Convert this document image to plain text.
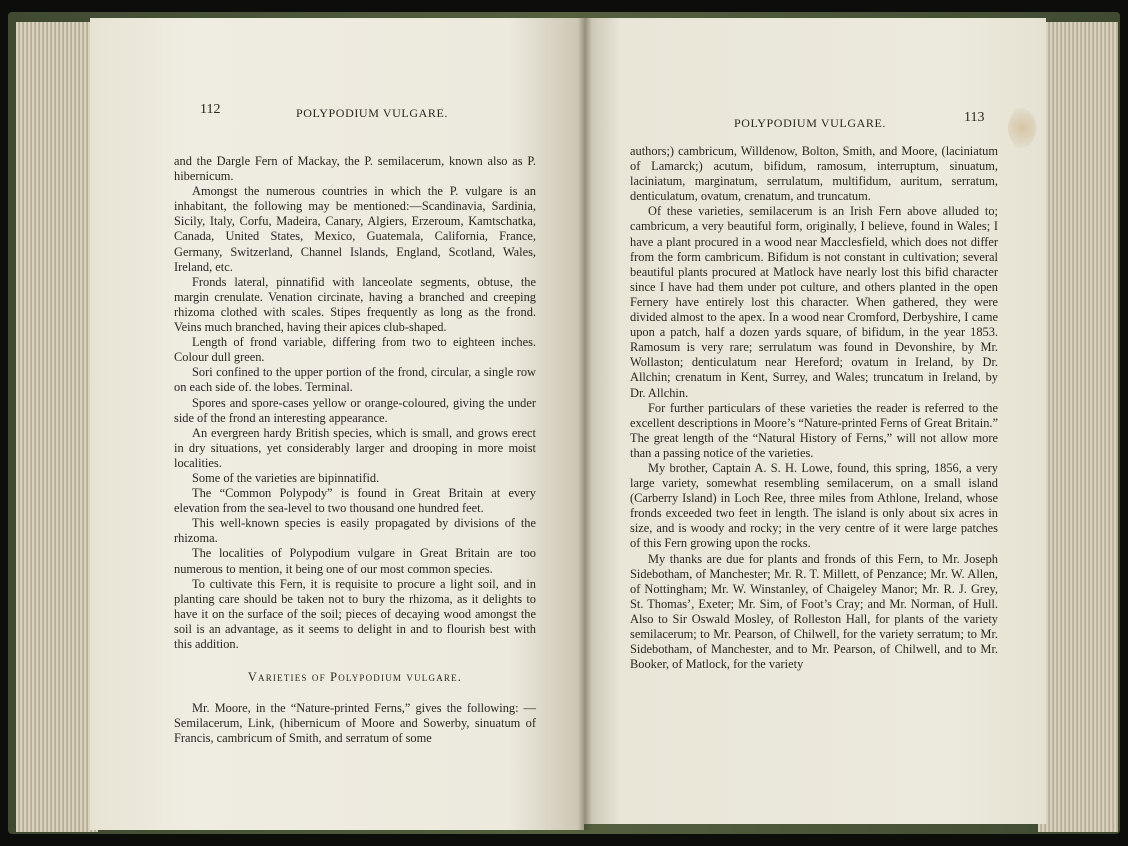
112	POLYPODIUM VULGARE.

and the Dargle Fern of Mackay, the P. semilacerum, known also as P. hibernicum.

Amongst the numerous countries in which the P. vulgare is an inhabitant, the following may be mentioned:—Scandinavia, Sardinia, Sicily, Italy, Corfu, Madeira, Canary, Algiers, Erzeroum, Kamtschatka, Canada, United States, Mexico, Guatemala, California, France, Germany, Switzerland, Channel Islands, England, Scotland, Wales, Ireland, etc.

Fronds lateral, pinnatifid with lanceolate segments, obtuse, the margin crenulate. Venation circinate, having a branched and creeping rhizoma clothed with scales. Stipes frequently as long as the frond. Veins much branched, having their apices club-shaped.

Length of frond variable, differing from two to eighteen inches. Colour dull green.

Sori confined to the upper portion of the frond, circular, a single row on each side of. the lobes. Terminal.

Spores and spore-cases yellow or orange-coloured, giving the under side of the frond an interesting appearance.

An evergreen hardy British species, which is small, and grows erect in dry situations, yet considerably larger and drooping in more moist localities.

Some of the varieties are bipinnatifid.

The “Common Polypody” is found in Great Britain at every elevation from the sea-level to two thousand one hundred feet.

This well-known species is easily propagated by divisions of the rhizoma.

The localities of Polypodium vulgare in Great Britain are too numerous to mention, it being one of our most common species.

To cultivate this Fern, it is requisite to procure a light soil, and in planting care should be taken not to bury the rhizoma, as it delights to have it on the surface of the soil; pieces of decaying wood amongst the soil is an advantage, as it seems to delight in and to flourish best with this addition.

Varieties of Polypodium vulgare.

Mr. Moore, in the “Nature-printed Ferns,” gives the following: —Semilacerum, Link, (hibernicum of Moore and Sowerby, sinuatum of Francis, cambricum of Smith, and serratum of some

POLYPODIUM VULGARE.	113

authors;) cambricum, Willdenow, Bolton, Smith, and Moore, (laciniatum of Lamarck;) acutum, bifidum, ramosum, interruptum, sinuatum, laciniatum, marginatum, serrulatum, multifidum, auritum, serratum, denticulatum, ovatum, crenatum, and truncatum.

Of these varieties, semilacerum is an Irish Fern above alluded to; cambricum, a very beautiful form, originally, I believe, found in Wales; I have a plant procured in a wood near Macclesfield, which does not differ from the form cambricum. Bifidum is not constant in cultivation; several beautiful plants procured at Matlock have nearly lost this bifid character since I have had them under pot culture, and others planted in the open Fernery have entirely lost this character. When gathered, they were divided almost to the apex. In a wood near Cromford, Derbyshire, I came upon a patch, half a dozen yards square, of bifidum, in the year 1853. Ramosum is very rare; serrulatum was found in Devonshire, by Mr. Wollaston; denticulatum near Hereford; ovatum in Ireland, by Dr. Allchin; crenatum in Kent, Surrey, and Wales; truncatum in Ireland, by Dr. Allchin.

For further particulars of these varieties the reader is referred to the excellent descriptions in Moore’s “Nature-printed Ferns of Great Britain.” The great length of the “Natural History of Ferns,” will not allow more than a passing notice of the varieties.

My brother, Captain A. S. H. Lowe, found, this spring, 1856, a very large variety, somewhat resembling semilacerum, on a small island (Carberry Island) in Loch Ree, three miles from Athlone, Ireland, whose fronds exceeded two feet in length. The island is only about six acres in size, and is woody and rocky; in the very centre of it were large patches of this Fern growing upon the rocks.

My thanks are due for plants and fronds of this Fern, to Mr. Joseph Sidebotham, of Manchester; Mr. R. T. Millett, of Penzance; Mr. W. Allen, of Nottingham; Mr. W. Winstanley, of Chaigeley Manor; Mr. R. J. Grey, St. Thomas’, Exeter; Mr. Sim, of Foot’s Cray; and Mr. Norman, of Hull. Also to Sir Oswald Mosley, of Rolleston Hall, for plants of the variety semilacerum; to Mr. Pearson, of Chilwell, for the variety serratum; to Mr. Sidebotham, of Manchester, and to Mr. Pearson, of Chilwell, and to Mr. Booker, of Matlock, for the variety
